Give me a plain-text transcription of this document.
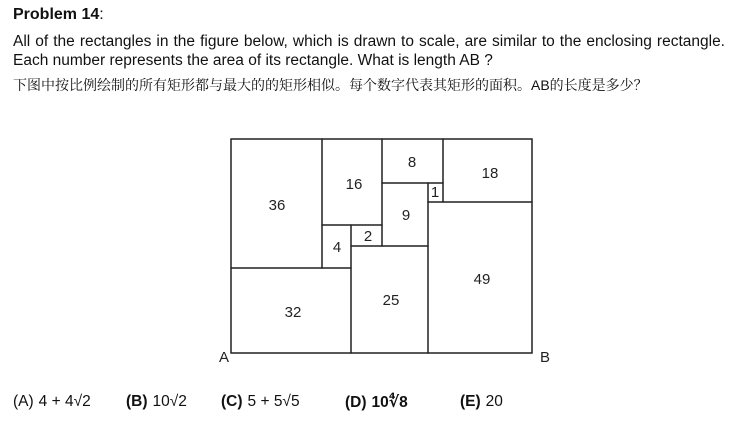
Problem 14:
All of the rectangles in the figure below, which is drawn to scale, are similar to the enclosing rectangle. Each number represents the area of its rectangle. What is length AB ?
下图中按比例绘制的所有矩形都与最大的的矩形相似。每个数字代表其矩形的面积。AB的长度是多少？
36
16
8
18
1
9
2
4
32
25
49
A	B
(A) 4 + 4√2 (B) 10√2 (C) 5 + 5√5	(D) 10∜8	(E) 20
